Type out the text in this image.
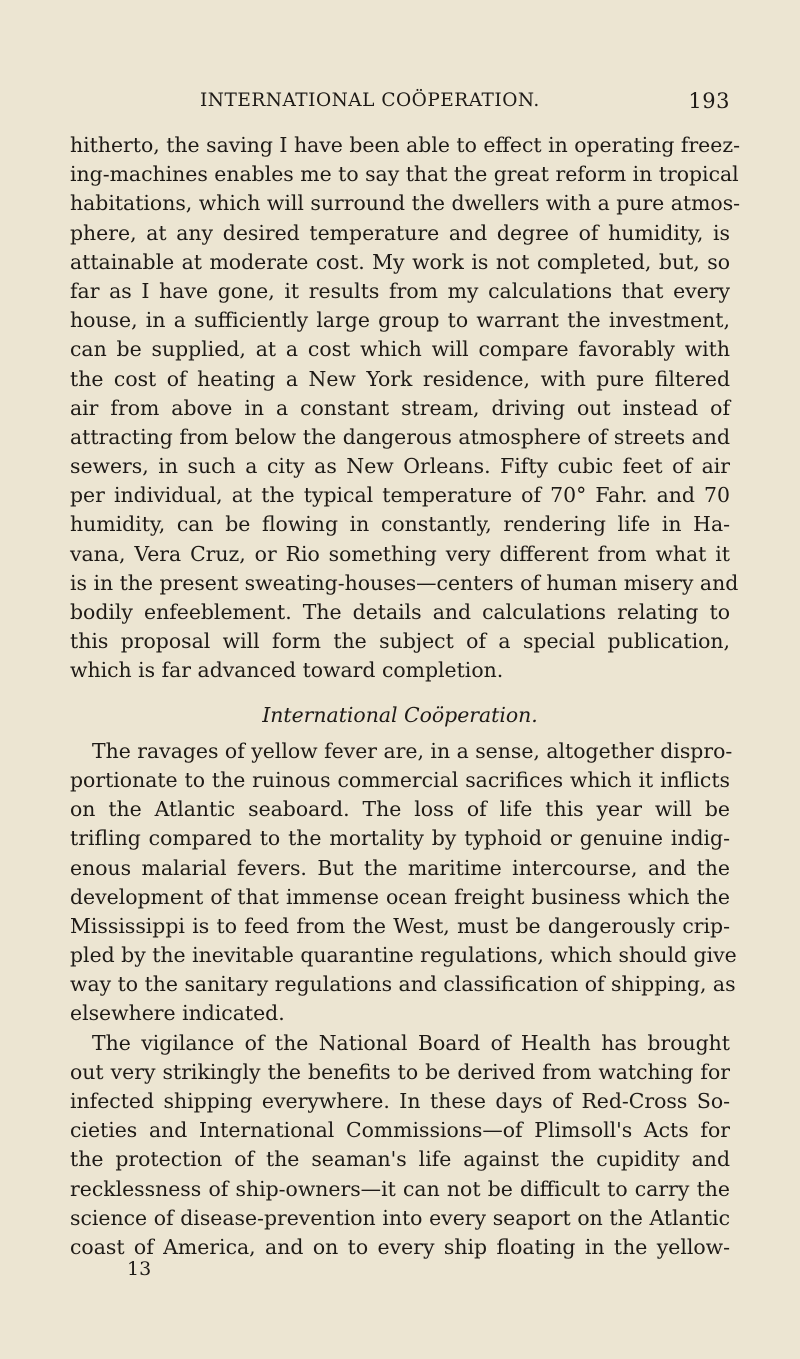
INTERNATIONAL COÖPERATION.	193
hitherto, the saving I have been able to effect in operating freez-
ing-machines enables me to say that the great reform in tropical
habitations, which will surround the dwellers with a pure atmos-
phere, at any desired temperature and degree of humidity, is
attainable at moderate cost. My work is not completed, but, so
far as I have gone, it results from my calculations that every
house, in a sufficiently large group to warrant the investment,
can be supplied, at a cost which will compare favorably with
the cost of heating a New York residence, with pure filtered
air from above in a constant stream, driving out instead of
attracting from below the dangerous atmosphere of streets and
sewers, in such a city as New Orleans. Fifty cubic feet of air
per individual, at the typical temperature of 70° Fahr. and 70
humidity, can be flowing in constantly, rendering life in Ha-
vana, Vera Cruz, or Rio something very different from what it
is in the present sweating-houses—centers of human misery and
bodily enfeeblement. The details and calculations relating to
this proposal will form the subject of a special publication,
which is far advanced toward completion.
International Coöperation.
The ravages of yellow fever are, in a sense, altogether dispro-
portionate to the ruinous commercial sacrifices which it inflicts
on the Atlantic seaboard. The loss of life this year will be
trifling compared to the mortality by typhoid or genuine indig-
enous malarial fevers. But the maritime intercourse, and the
development of that immense ocean freight business which the
Mississippi is to feed from the West, must be dangerously crip-
pled by the inevitable quarantine regulations, which should give
way to the sanitary regulations and classification of shipping, as
elsewhere indicated.
The vigilance of the National Board of Health has brought
out very strikingly the benefits to be derived from watching for
infected shipping everywhere. In these days of Red-Cross So-
cieties and International Commissions—of Plimsoll's Acts for
the protection of the seaman's life against the cupidity and
recklessness of ship-owners—it can not be difficult to carry the
science of disease-prevention into every seaport on the Atlantic
coast of America, and on to every ship floating in the yellow-
13
